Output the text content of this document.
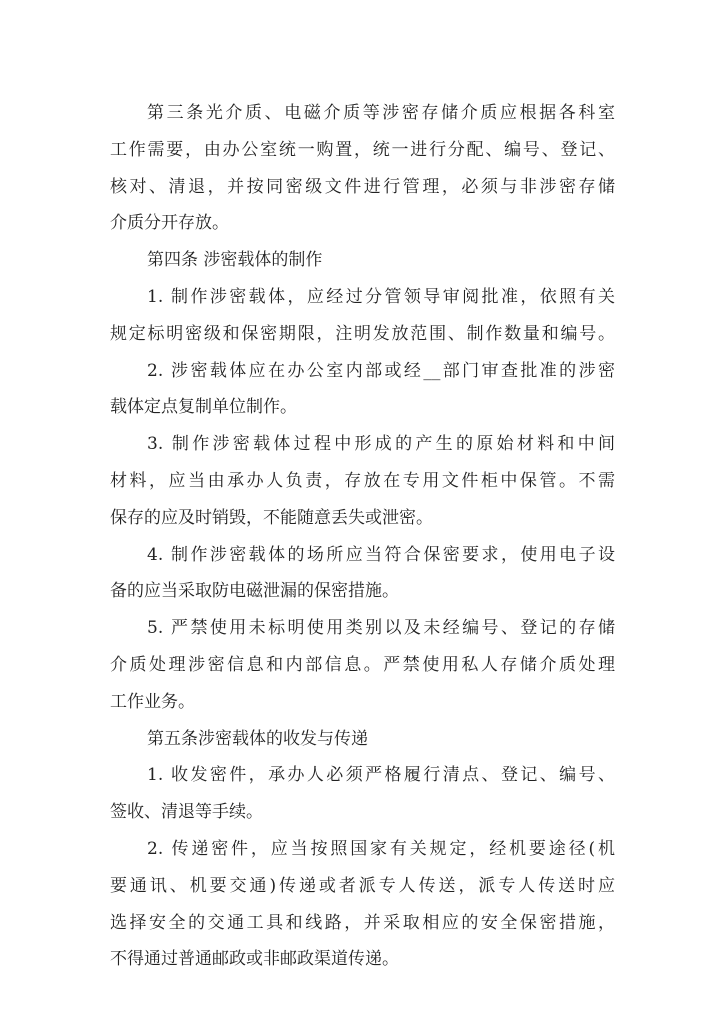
第三条光介质、电磁介质等涉密存储介质应根据各科室
工作需要，由办公室统一购置，统一进行分配、编号、登记、
核对、清退，并按同密级文件进行管理，必须与非涉密存储
介质分开存放。
第四条 涉密载体的制作
1. 制作涉密载体，应经过分管领导审阅批准，依照有关
规定标明密级和保密期限，注明发放范围、制作数量和编号。
2. 涉密载体应在办公室内部或经__部门审查批准的涉密
载体定点复制单位制作。
3. 制作涉密载体过程中形成的产生的原始材料和中间
材料，应当由承办人负责，存放在专用文件柜中保管。不需
保存的应及时销毁，不能随意丢失或泄密。
4. 制作涉密载体的场所应当符合保密要求，使用电子设
备的应当采取防电磁泄漏的保密措施。
5. 严禁使用未标明使用类别以及未经编号、登记的存储
介质处理涉密信息和内部信息。严禁使用私人存储介质处理
工作业务。
第五条涉密载体的收发与传递
1. 收发密件，承办人必须严格履行清点、登记、编号、
签收、清退等手续。
2. 传递密件，应当按照国家有关规定，经机要途径(机
要通讯、机要交通)传递或者派专人传送，派专人传送时应
选择安全的交通工具和线路，并采取相应的安全保密措施，
不得通过普通邮政或非邮政渠道传递。
